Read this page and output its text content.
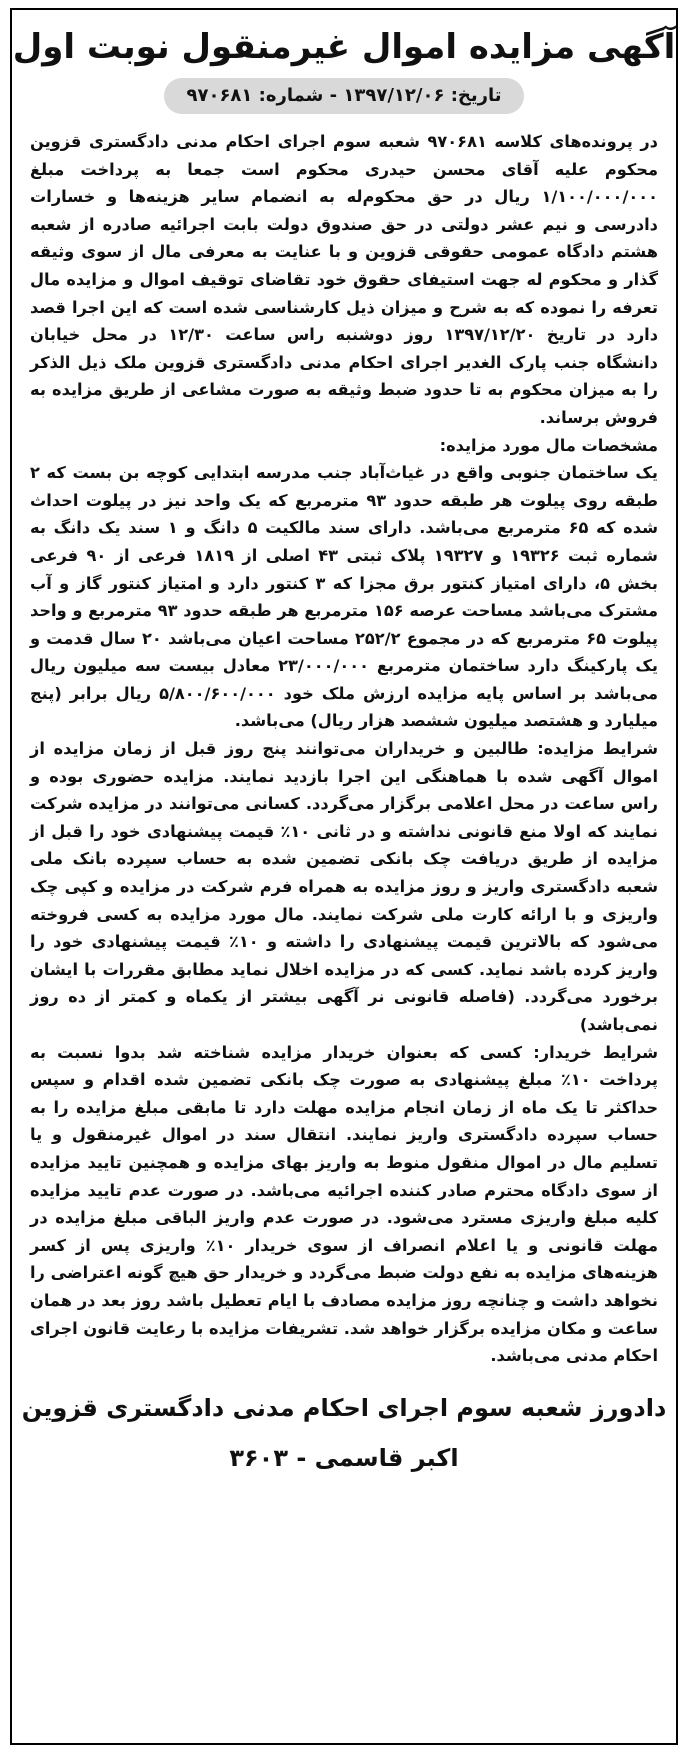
آگهی مزایده اموال غیرمنقول نوبت اول
تاریخ: ۱۳۹۷/۱۲/۰۶ - شماره: ۹۷۰۶۸۱

در پرونده‌های کلاسه ۹۷۰۶۸۱ شعبه سوم اجرای احکام مدنی دادگستری قزوین محکوم علیه آقای محسن حیدری محکوم است جمعا به پرداخت مبلغ ۱/۱۰۰/۰۰۰/۰۰۰ ریال در حق محکوم‌له به انضمام سایر هزینه‌ها و خسارات دادرسی و نیم عشر دولتی در حق صندوق دولت بابت اجرائیه صادره از شعبه هشتم دادگاه عمومی حقوقی قزوین و با عنایت به معرفی مال از سوی وثیقه گذار و محکوم له جهت استیفای حقوق خود تقاضای توقیف اموال و مزایده مال تعرفه را نموده که به شرح و میزان ذیل کارشناسی شده است که این اجرا قصد دارد در تاریخ ۱۳۹۷/۱۲/۲۰ روز دوشنبه راس ساعت ۱۲/۳۰ در محل خیابان دانشگاه جنب پارک الغدیر اجرای احکام مدنی دادگستری قزوین ملک ذیل الذکر را به میزان محکوم به تا حدود ضبط وثیقه به صورت مشاعی از طریق مزایده به فروش برساند.

مشخصات مال مورد مزایده:

یک ساختمان جنوبی واقع در غیاث‌آباد جنب مدرسه ابتدایی کوچه بن بست که ۲ طبقه روی پیلوت هر طبقه حدود ۹۳ مترمربع که یک واحد نیز در پیلوت احداث شده که ۶۵ مترمربع می‌باشد. دارای سند مالکیت ۵ دانگ و ۱ سند یک دانگ به شماره ثبت ۱۹۳۲۶ و ۱۹۳۲۷ پلاک ثبتی ۴۳ اصلی از ۱۸۱۹ فرعی از ۹۰ فرعی بخش ۵، دارای امتیاز کنتور برق مجزا که ۳ کنتور دارد و امتیاز کنتور گاز و آب مشترک می‌باشد مساحت عرصه ۱۵۶ مترمربع هر طبقه حدود ۹۳ مترمربع و واحد پیلوت ۶۵ مترمربع که در مجموع ۲۵۲/۲ مساحت اعیان می‌باشد ۲۰ سال قدمت و یک پارکینگ دارد ساختمان مترمربع ۲۳/۰۰۰/۰۰۰ معادل بیست سه میلیون ریال می‌باشد بر اساس پایه مزایده ارزش ملک خود ۵/۸۰۰/۶۰۰/۰۰۰ ریال برابر (پنج میلیارد و هشتصد میلیون ششصد هزار ریال) می‌باشد.

شرایط مزایده: طالبین و خریداران می‌توانند پنج روز قبل از زمان مزایده از اموال آگهی شده با هماهنگی این اجرا بازدید نمایند. مزایده حضوری بوده و راس ساعت در محل اعلامی برگزار می‌گردد. کسانی می‌توانند در مزایده شرکت نمایند که اولا منع قانونی نداشته و در ثانی ۱۰٪ قیمت پیشنهادی خود را قبل از مزایده از طریق دریافت چک بانکی تضمین شده به حساب سپرده بانک ملی شعبه دادگستری واریز و روز مزایده به همراه فرم شرکت در مزایده و کپی چک واریزی و با ارائه کارت ملی شرکت نمایند. مال مورد مزایده به کسی فروخته می‌شود که بالاترین قیمت پیشنهادی را داشته و ۱۰٪ قیمت پیشنهادی خود را واریز کرده باشد نماید. کسی که در مزایده اخلال نماید مطابق مقررات با ایشان برخورد می‌گردد. (فاصله قانونی نر آگهی بیشتر از یکماه و کمتر از ده روز نمی‌باشد)

شرایط خریدار: کسی که بعنوان خریدار مزایده شناخته شد بدوا نسبت به پرداخت ۱۰٪ مبلغ پیشنهادی به صورت چک بانکی تضمین شده اقدام و سپس حداکثر تا یک ماه از زمان انجام مزایده مهلت دارد تا مابقی مبلغ مزایده را به حساب سپرده دادگستری واریز نمایند. انتقال سند در اموال غیرمنقول و یا تسلیم مال در اموال منقول منوط به واریز بهای مزایده و همچنین تایید مزایده از سوی دادگاه محترم صادر کننده اجرائیه می‌باشد. در صورت عدم تایید مزایده کلیه مبلغ واریزی مسترد می‌شود. در صورت عدم واریز الباقی مبلغ مزایده در مهلت قانونی و یا اعلام انصراف از سوی خریدار ۱۰٪ واریزی پس از کسر هزینه‌های مزایده به نفع دولت ضبط می‌گردد و خریدار حق هیچ گونه اعتراضی را نخواهد داشت و چنانچه روز مزایده مصادف با ایام تعطیل باشد روز بعد در همان ساعت و مکان مزایده برگزار خواهد شد. تشریفات مزایده با رعایت قانون اجرای احکام مدنی می‌باشد.

دادورز شعبه سوم اجرای احکام مدنی دادگستری قزوین
اکبر قاسمی - ۳۶۰۳
